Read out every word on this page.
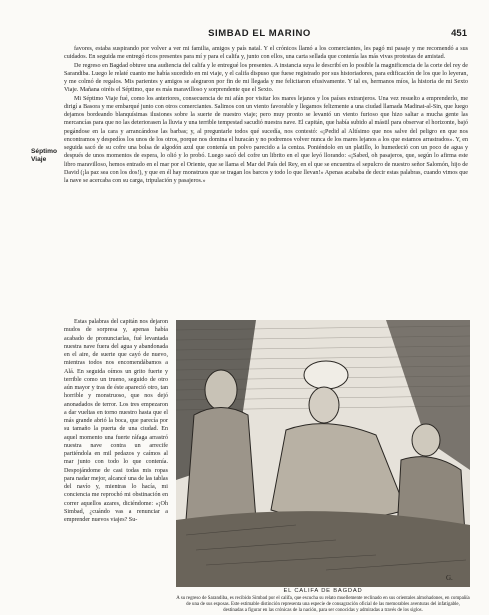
SIMBAD EL MARINO	451
Séptimo Viaje

favores, estaba suspirando por volver a ver mi familia, amigos y país natal. Y el crónicos llamó a los comerciantes, les pagó mi pasaje y me recomendó a sus cuidados. En seguida me entregó ricos presentes para mí y para el califa y, junto con ellos, una carta sellada que contenía las más vivas protestas de amistad.

De regreso en Bagdad obtuve una audiencia del califa y le entregué los presentes. A instancia suya le describí en lo posible la magnificencia de la corte del rey de Sarandiba. Luego le relaté cuanto me había sucedido en mi viaje, y el califa dispuso que fuese registrado por sus historiadores, para edificación de los que lo leyeran, y me colmó de regalos. Mis parientes y amigos se alegraron por fin de mi llegada y me felicitaron efusivamente. Y tal es, hermanos míos, la historia de mi Sexto Viaje. Mañana oiréis el Séptimo, que es más maravilloso y sorprendente que el Sexto.

Mi Séptimo Viaje fué, como los anteriores, consecuencia de mi afán por visitar los mares lejanos y los países extranjeros. Una vez resuelto a emprenderlo, me dirigí a Basora y me embarqué junto con otros comerciantes. Salimos con un viento favorable y llegamos felizmente a una ciudad llamada Madinat-al-Sin, que luego dejamos bordeando blanquísimas ilusiones sobre la suerte de nuestro viaje; pero muy pronto se levantó un viento furioso que hizo saltar a mucha gente las mercancías para que no las deteriorasen la lluvia y una terrible tempestad sacudió nuestra nave. El capitán, que había subido al mástil para observar el horizonte, bajó pegándose en la cara y arrancándose las barbas; y, al preguntarle todos qué sucedía, nos contestó: «¡Pedid al Altísimo que nos salve del peligro en que nos encontramos y despedíos los unos de los otros, porque nos domina el huracán y no podremos volver nunca de los mares lejanos a los que estamos arrastrados». Y, en seguida sacó de su cofre una bolsa de algodón azul que contenía un polvo parecido a la ceniza. Poniéndolo en un platillo, lo humedeció con un poco de agua y después de unos momentos de espera, lo olió y lo probó. Luego sacó del cofre un librito en el que leyó llorando: «¡Sabed, oh pasajeros, que, según lo afirma este libro maravilloso, hemos entrado en el mar por el Oriente, que se llama el Mar del País del Rey, en el que se encuentra el sepulcro de nuestro señor Salomón, hijo de David (¡la paz sea con los dos!), y que en él hay monstruos que se tragan los barcos y todo lo que llevan!» Apenas acababa de decir estas palabras, cuando vimos que la nave se acercaba con su carga, tripulación y pasajeros.»

Estas palabras del capitán nos dejaron mudos de sorpresa y, apenas había acabado de pronunciarlas, fué levantada nuestra nave fuera del agua y abandonada en el aire, de suerte que cayó de nuevo, mientras todos nos encomendábamos a Alá. En seguida oímos un grito fuerte y terrible como un trueno, seguido de otro aún mayor y tras de éste apareció otro, tan horrible y monstruoso, que nos dejó anonadados de terror. Los tres empezaron a dar vueltas en torno nuestro hasta que el más grande abrió la boca, que parecía por su tamaño la puerta de una ciudad. En aquel momento una fuerte ráfaga arrastró nuestra nave contra un arrecife partiéndola en mil pedazos y caímos al mar junto con todo lo que contenía. Despojándome de casi todas mis ropas para nadar mejor, alcancé una de las tablas del navío y, mientras lo hacía, mi conciencia me reprochó mi obstinación en correr aquellos azares, diciéndome: «¡Oh Simbad, ¿cuándo vas a renunciar a emprender nuevos viajes? Su-

G.
EL CALIFA DE BAGDAD
A su regreso de Sarandiba, es recibido Simbad por el califa, que escucha su relato muellemente reclinado en sus orientales almohadones, en compañía de una de sus esposas. Este estimable distinción representa una especie de consagración oficial de las memorables aventuras del infatigable, destinadas a figurar en las crónicas de la nación, para ser conocidas y admiradas a través de los siglos.
